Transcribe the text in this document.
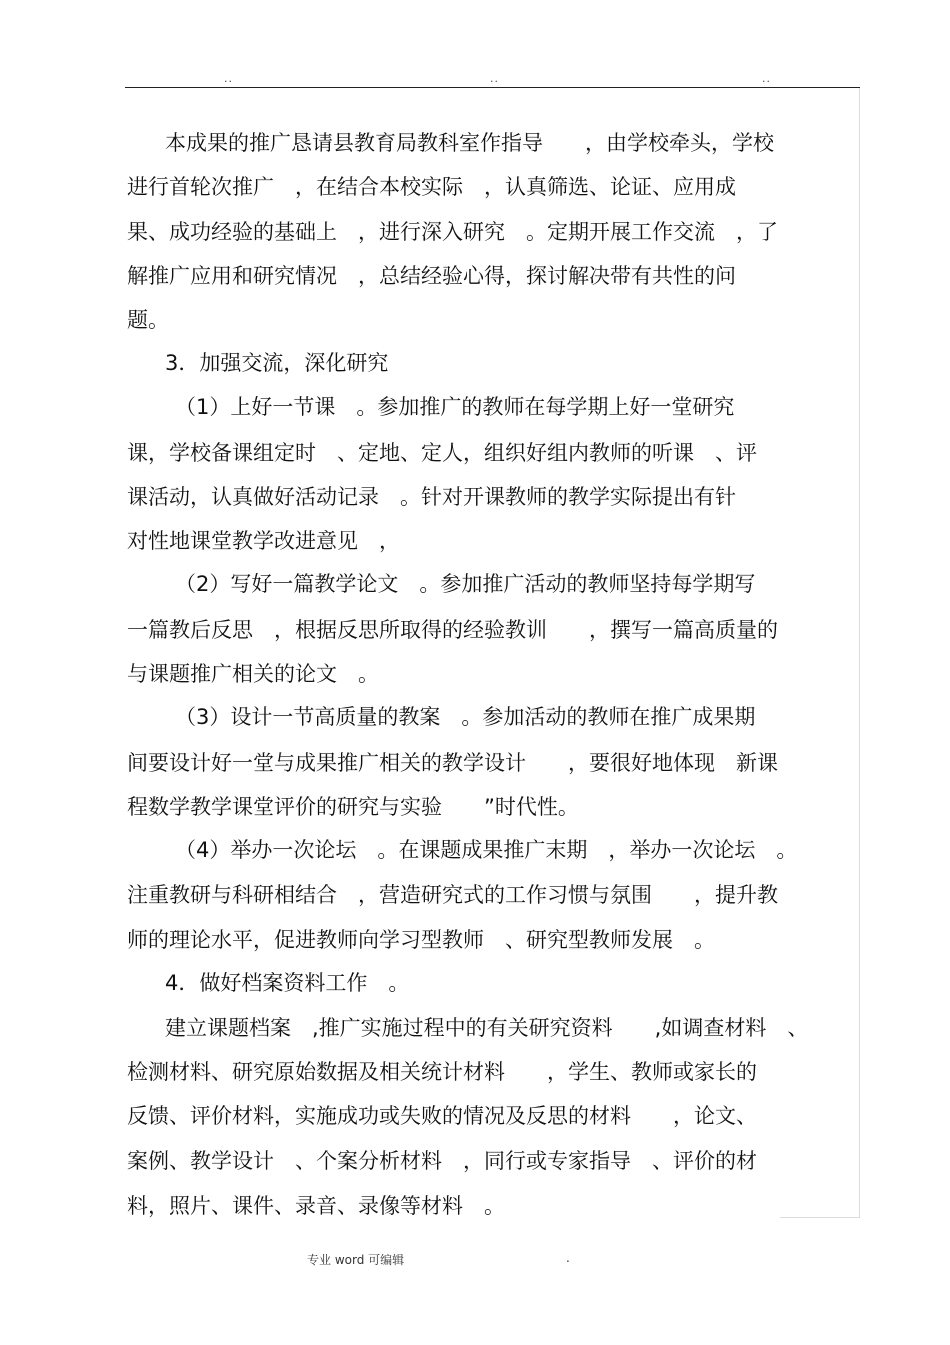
..	..	..
本成果的推广恳请县教育局教科室作指导　　，由学校牵头，学校
进行首轮次推广　，在结合本校实际　，认真筛选、论证、应用成
果、成功经验的基础上　，进行深入研究　。定期开展工作交流　，了
解推广应用和研究情况　，总结经验心得，探讨解决带有共性的问
题。
3．加强交流，深化研究
（1）上好一节课　。参加推广的教师在每学期上好一堂研究
课，学校备课组定时　、定地、定人，组织好组内教师的听课　、评
课活动，认真做好活动记录　。针对开课教师的教学实际提出有针
对性地课堂教学改进意见　，
（2）写好一篇教学论文　。参加推广活动的教师坚持每学期写
一篇教后反思　，根据反思所取得的经验教训　　，撰写一篇高质量的
与课题推广相关的论文　。
（3）设计一节高质量的教案　。参加活动的教师在推广成果期
间要设计好一堂与成果推广相关的教学设计　　，要很好地体现　新课
程数学教学课堂评价的研究与实验　　”时代性。
（4）举办一次论坛　。在课题成果推广末期　，举办一次论坛　。
注重教研与科研相结合　，营造研究式的工作习惯与氛围　　，提升教
师的理论水平，促进教师向学习型教师　、研究型教师发展　。
4．做好档案资料工作　。
建立课题档案　,推广实施过程中的有关研究资料　　,如调查材料　、
检测材料、研究原始数据及相关统计材料　　，学生、教师或家长的
反馈、评价材料，实施成功或失败的情况及反思的材料　　，论文、
案例、教学设计　、个案分析材料　，同行或专家指导　、评价的材
料，照片、课件、录音、录像等材料　。
专业 word 可编辑	.
